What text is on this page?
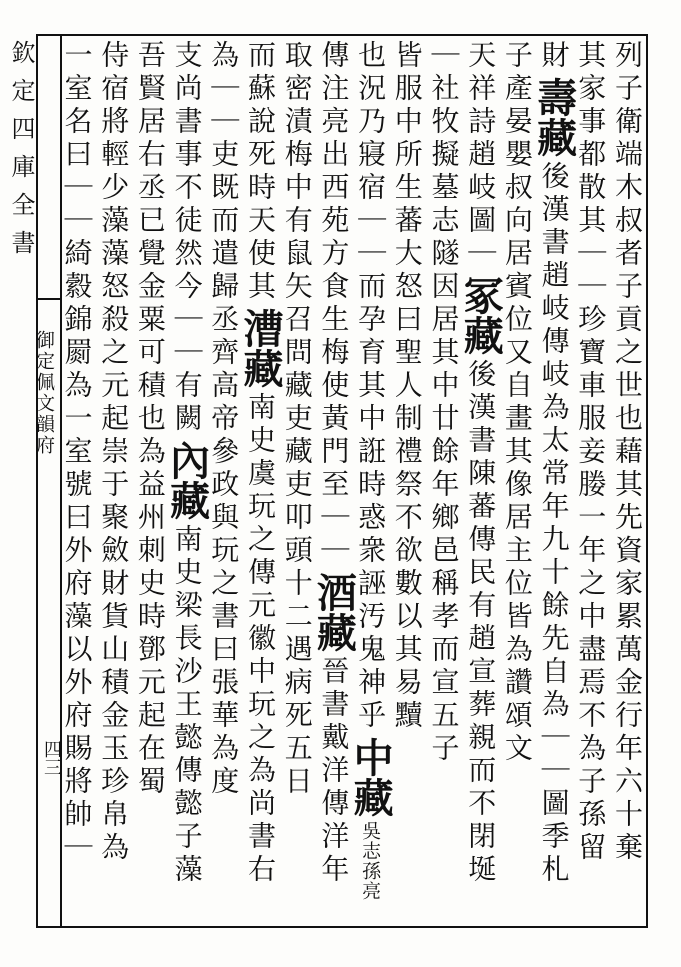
欽定四庫全書
御定佩文韻府
四三	列子衛端木叔者子貢之世也藉其先資家累萬金行年六十棄
其家事都散其｜｜珍寶車服妾媵一年之中盡焉不為子孫留
財壽藏後漢書趙岐傳岐為太常年九十餘先自為｜｜圖季札
子產晏嬰叔向居賓位又自畫其像居主位皆為讚頌文
天祥詩趙岐圖｜冢藏後漢書陳蕃傳民有趙宣葬親而不閉埏
｜社牧擬墓志隧因居其中廿餘年鄉邑稱孝而宣五子
皆服中所生蕃大怒曰聖人制禮祭不欲數以其易黷
也況乃寢宿｜｜而孕育其中誑時惑衆誣汚鬼神乎中藏吳志孫亮
傳注亮出西苑方食生梅使黃門至｜｜酒藏晉書戴洋傳洋年
取密漬梅中有鼠矢召問藏吏藏吏叩頭十二遇病死五日
而蘇說死時天使其漕藏南史虞玩之傳元徽中玩之為尚書右
為｜｜吏既而遣歸丞齊高帝參政與玩之書曰張華為度
支尚書事不徒然今｜｜有闕內藏南史梁長沙王懿傳懿子藻
吾賢居右丞已覺金粟可積也為益州刺史時鄧元起在蜀
侍宿將輕少藻藻怒殺之元起崇于聚斂財貨山積金玉珍帛為
一室名曰｜｜綺縠錦罽為一室號曰外府藻以外府賜將帥｜
